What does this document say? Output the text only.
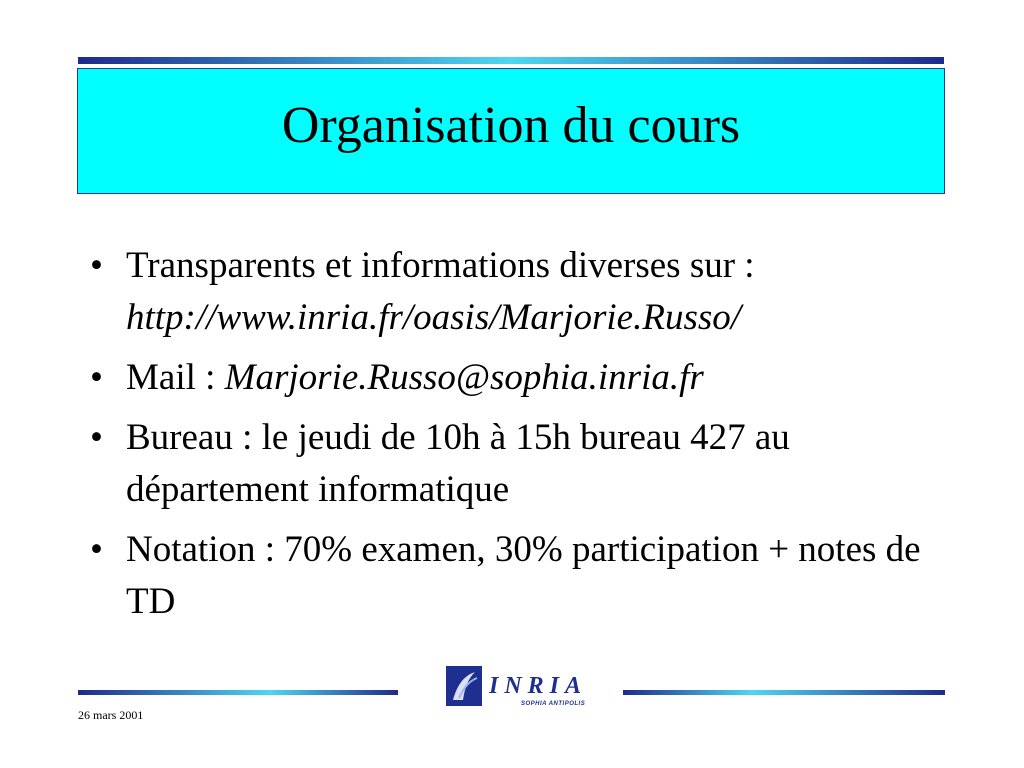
Organisation du cours
• Transparents et informations diverses sur :
http://www.inria.fr/oasis/Marjorie.Russo/
• Mail : Marjorie.Russo@sophia.inria.fr
• Bureau : le jeudi de 10h à 15h bureau 427 au département informatique
• Notation : 70% examen, 30% participation + notes de TD
INRIA
SOPHIA ANTIPOLIS
26 mars 2001
